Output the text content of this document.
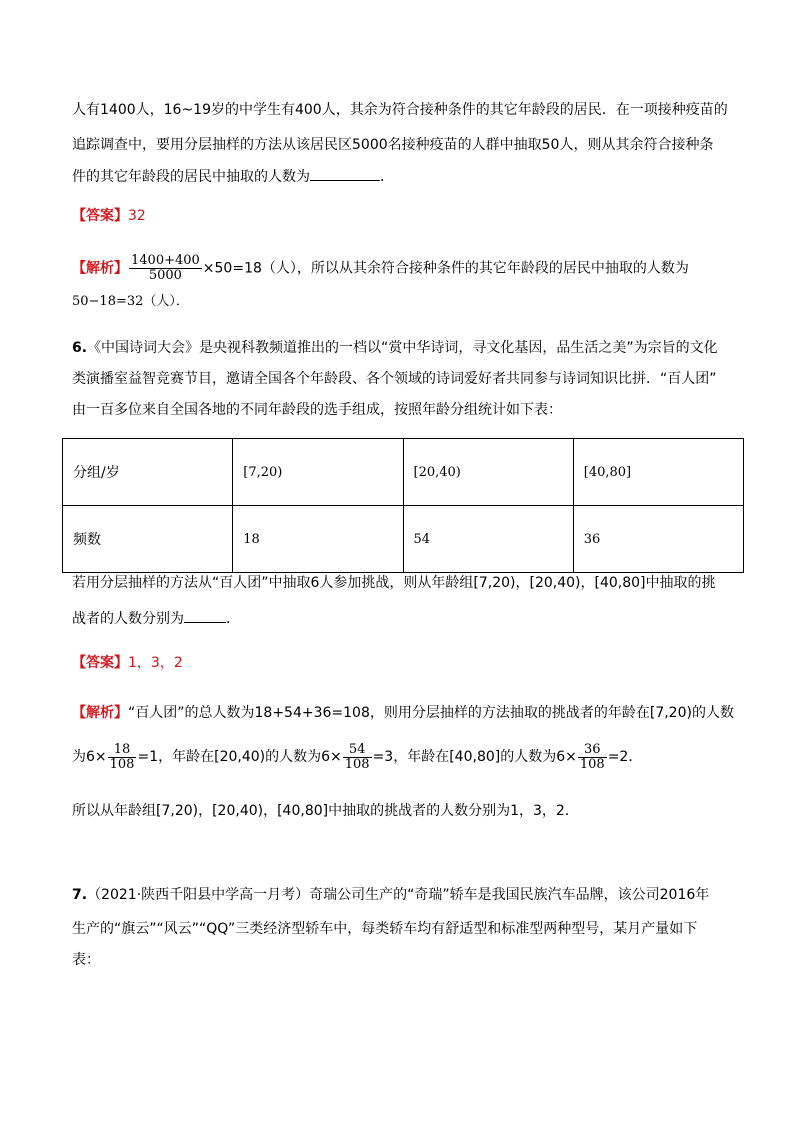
人有1400人，16~19岁的中学生有400人，其余为符合接种条件的其它年龄段的居民．在一项接种疫苗的
追踪调查中，要用分层抽样的方法从该居民区5000名接种疫苗的人群中抽取50人，则从其余符合接种条
件的其它年龄段的居民中抽取的人数为	．
【答案】32
【解析】 $\frac{1400+400}{5000} \times 50=18$（人），所以从其余符合接种条件的其它年龄段的居民中抽取的人数为
50−18=32（人）．
6.《中国诗词大会》是央视科教频道推出的一档以“赏中华诗词，寻文化基因，品生活之美”为宗旨的文化
类演播室益智竞赛节目，邀请全国各个年龄段、各个领域的诗词爱好者共同参与诗词知识比拼．“百人团”
由一百多位来自全国各地的不同年龄段的选手组成，按照年龄分组统计如下表：
分组/岁	[7,20)	[20,40)	[40,80]
频数	18	54	36
若用分层抽样的方法从“百人团”中抽取6人参加挑战，则从年龄组[7,20)，[20,40)，[40,80]中抽取的挑
战者的人数分别为	．
【答案】1，3，2
【解析】“百人团”的总人数为18+54+36=108，则用分层抽样的方法抽取的挑战者的年龄在[7,20)的人数
为$6\times \frac{18}{108} =1$，年龄在[20,40)的人数为$6\times \frac{54}{108} =3$，年龄在[40,80]的人数为$6\times \frac{36}{108} =2$．
所以从年龄组[7,20)，[20,40)，[40,80]中抽取的挑战者的人数分别为1，3，2．
7.（2021·陕西千阳县中学高一月考）奇瑞公司生产的“奇瑞”轿车是我国民族汽车品牌，该公司2016年
生产的“旗云”“风云”“QQ”三类经济型轿车中，每类轿车均有舒适型和标准型两种型号，某月产量如下
表：
